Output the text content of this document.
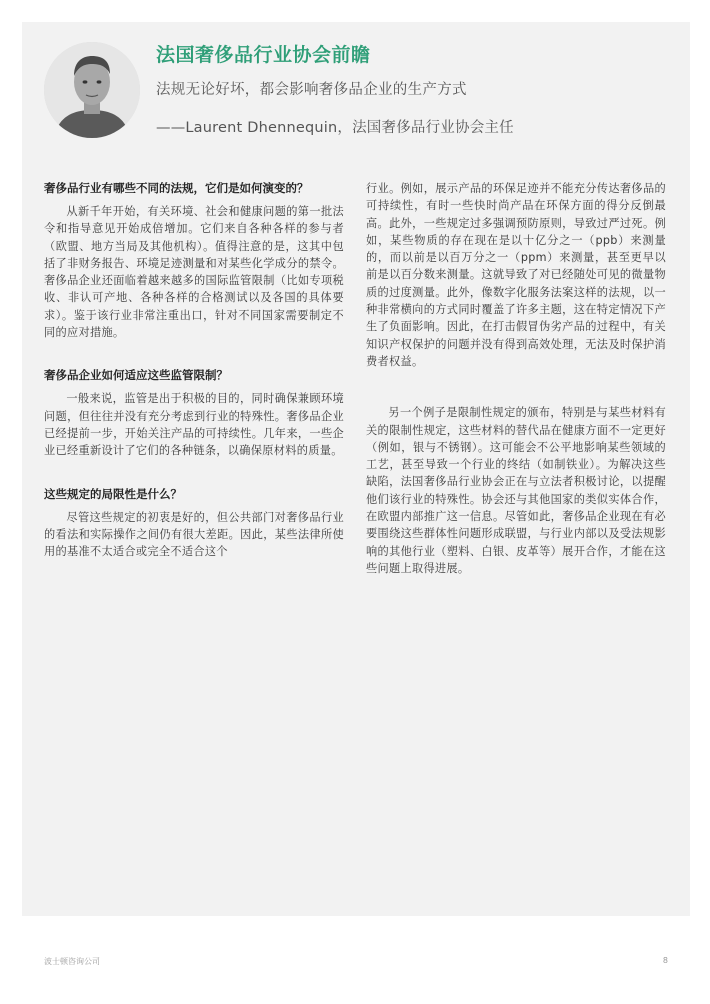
法国奢侈品行业协会前瞻
法规无论好坏，都会影响奢侈品企业的生产方式
——Laurent Dhennequin，法国奢侈品行业协会主任
奢侈品行业有哪些不同的法规，它们是如何演变的？

从新千年开始，有关环境、社会和健康问题的第一批法令和指导意见开始成倍增加。它们来自各种各样的参与者（欧盟、地方当局及其他机构）。值得注意的是，这其中包括了非财务报告、环境足迹测量和对某些化学成分的禁令。奢侈品企业还面临着越来越多的国际监管限制（比如专项税收、非认可产地、各种各样的合格测试以及各国的具体要求）。鉴于该行业非常注重出口，针对不同国家需要制定不同的应对措施。

奢侈品企业如何适应这些监管限制？

一般来说，监管是出于积极的目的，同时确保兼顾环境问题，但往往并没有充分考虑到行业的特殊性。奢侈品企业已经提前一步，开始关注产品的可持续性。几年来，一些企业已经重新设计了它们的各种链条，以确保原材料的质量。

这些规定的局限性是什么？

尽管这些规定的初衷是好的，但公共部门对奢侈品行业的看法和实际操作之间仍有很大差距。因此，某些法律所使用的基准不太适合或完全不适合这个

行业。例如，展示产品的环保足迹并不能充分传达奢侈品的可持续性，有时一些快时尚产品在环保方面的得分反倒最高。此外，一些规定过多强调预防原则，导致过严过死。例如，某些物质的存在现在是以十亿分之一（ppb）来测量的，而以前是以百万分之一（ppm）来测量，甚至更早以前是以百分数来测量。这就导致了对已经随处可见的微量物质的过度测量。此外，像数字化服务法案这样的法规，以一种非常横向的方式同时覆盖了许多主题，这在特定情况下产生了负面影响。因此，在打击假冒伪劣产品的过程中，有关知识产权保护的问题并没有得到高效处理，无法及时保护消费者权益。

另一个例子是限制性规定的颁布，特别是与某些材料有关的限制性规定，这些材料的替代品在健康方面不一定更好（例如，银与不锈钢）。这可能会不公平地影响某些领域的工艺，甚至导致一个行业的终结（如制铁业）。为解决这些缺陷，法国奢侈品行业协会正在与立法者积极讨论，以提醒他们该行业的特殊性。协会还与其他国家的类似实体合作，在欧盟内部推广这一信息。尽管如此，奢侈品企业现在有必要围绕这些群体性问题形成联盟，与行业内部以及受法规影响的其他行业（塑料、白银、皮革等）展开合作，才能在这些问题上取得进展。

波士顿咨询公司	8
